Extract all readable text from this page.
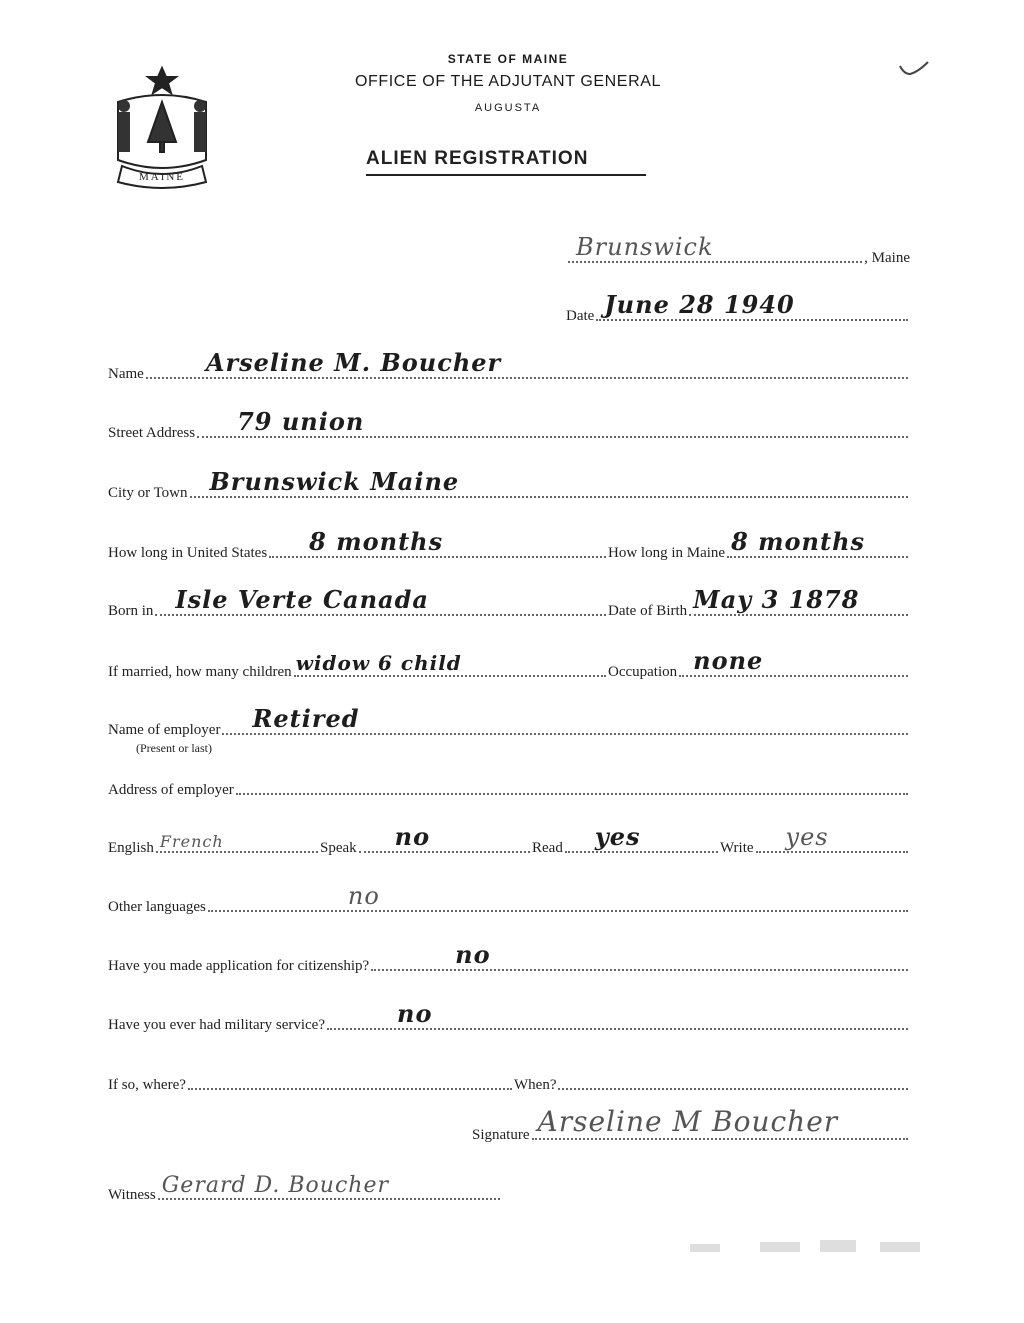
MAINE
STATE OF MAINE
OFFICE OF THE ADJUTANT GENERAL
AUGUSTA
ALIEN REGISTRATION
Brunswick	, Maine
Date June 28 1940
Name	Arseline M. Boucher
Street Address 79 union
City or Town Brunswick Maine
How long in United States 8 months	How long in Maine 8 months
Born in Isle Verte Canada	Date of Birth May 3 1878
If married, how many children widow 6 child	Occupation none
Name of employer Retired
(Present or last)
Address of employer
English French	Speak no	Read yes	Write yes
Other languages	no
Have you made application for citizenship?	no
Have you ever had military service?	no
If so, where?	When?
Signature Arseline M Boucher
Witness Gerard D. Boucher
